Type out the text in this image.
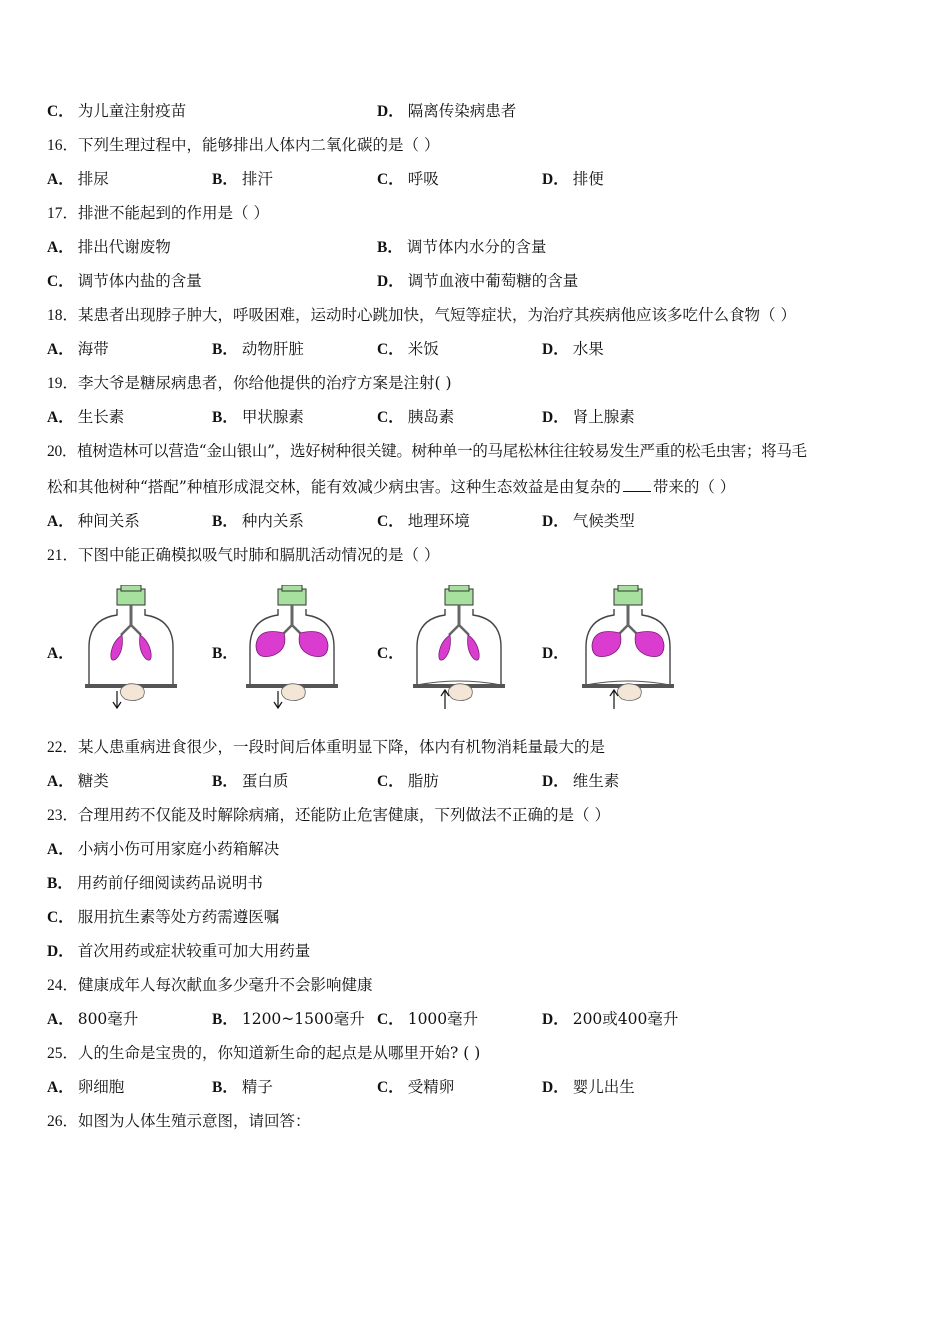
C． 为儿童注射疫苗	D． 隔离传染病患者
16．下列生理过程中，能够排出人体内二氧化碳的是（ ）
A． 排尿	B． 排汗	C． 呼吸	D． 排便
17．排泄不能起到的作用是（ ）
A． 排出代谢废物	B． 调节体内水分的含量
C． 调节体内盐的含量	D． 调节血液中葡萄糖的含量
18．某患者出现脖子肿大，呼吸困难，运动时心跳加快，气短等症状，为治疗其疾病他应该多吃什么食物（ ）
A． 海带	B． 动物肝脏	C． 米饭	D． 水果
19．李大爷是糖尿病患者，你给他提供的治疗方案是注射( )
A． 生长素	B． 甲状腺素	C． 胰岛素	D． 肾上腺素
20．植树造林可以营造“金山银山”，选好树种很关键。树种单一的马尾松林往往较易发生严重的松毛虫害；将马毛
松和其他树种“搭配”种植形成混交林，能有效减少病虫害。这种生态效益是由复杂的 带来的（ ）
A． 种间关系	B． 种内关系	C． 地理环境	D． 气候类型
21．下图中能正确模拟吸气时肺和膈肌活动情况的是（ ）
A．	B．	C．	D．
22．某人患重病进食很少，一段时间后体重明显下降，体内有机物消耗量最大的是
A． 糖类	B． 蛋白质	C． 脂肪	D． 维生素
23．合理用药不仅能及时解除病痛，还能防止危害健康，下列做法不正确的是（ ）
A． 小病小伤可用家庭小药箱解决
B． 用药前仔细阅读药品说明书
C． 服用抗生素等处方药需遵医嘱
D． 首次用药或症状较重可加大用药量
24．健康成年人每次献血多少毫升不会影响健康
A． 800毫升	B． 1200~1500毫升 C． 1000毫升	D． 200或400毫升
25．人的生命是宝贵的，你知道新生命的起点是从哪里开始? ( )
A． 卵细胞	B． 精子	C． 受精卵	D． 婴儿出生
26．如图为人体生殖示意图，请回答：
